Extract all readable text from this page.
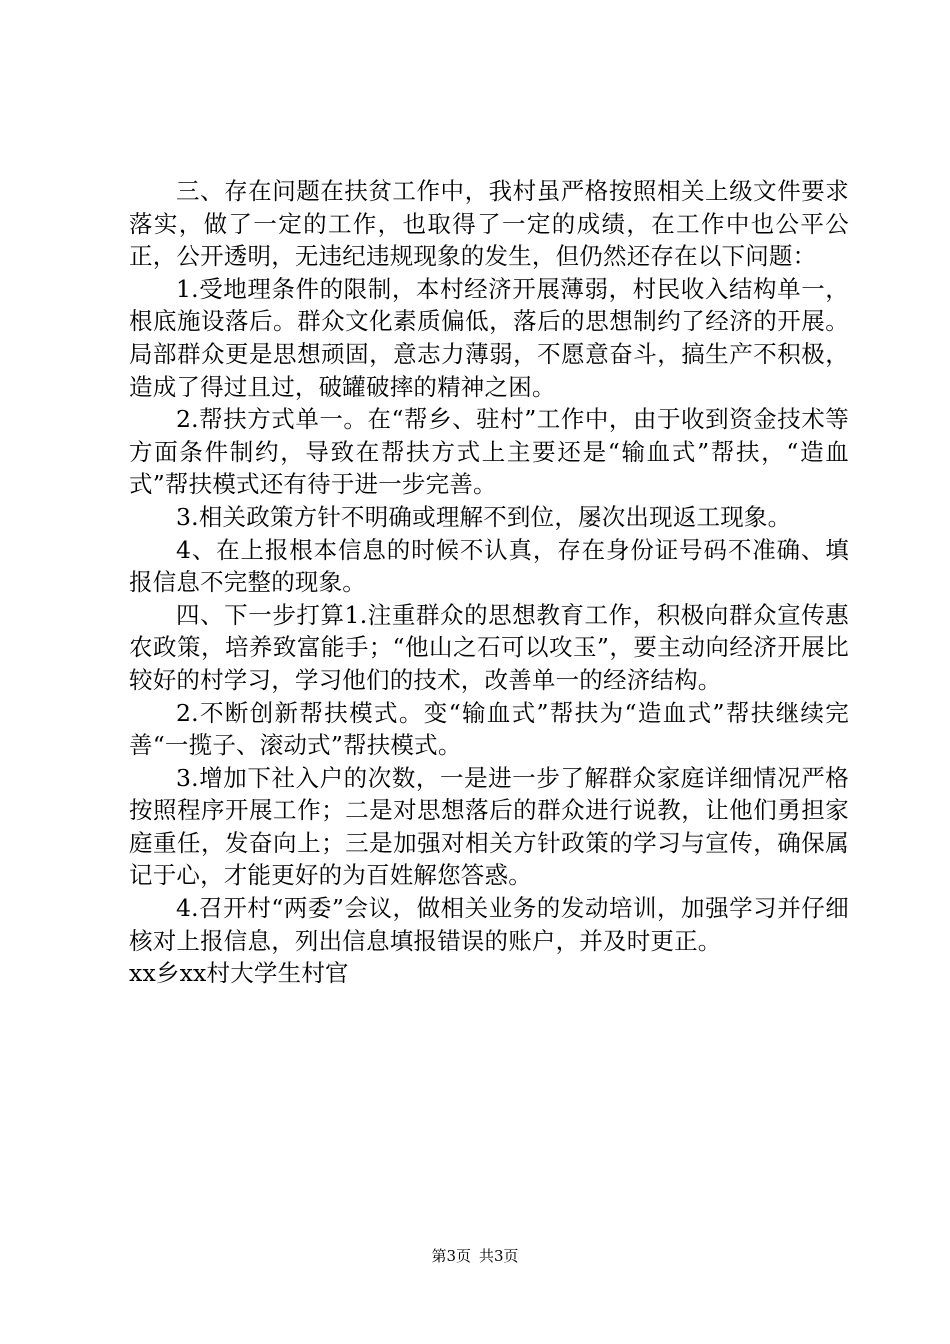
三、存在问题在扶贫工作中，我村虽严格按照相关上级文件要求落实，做了一定的工作，也取得了一定的成绩，在工作中也公平公正，公开透明，无违纪违规现象的发生，但仍然还存在以下问题：

1.受地理条件的限制，本村经济开展薄弱，村民收入结构单一，根底施设落后。群众文化素质偏低，落后的思想制约了经济的开展。局部群众更是思想顽固，意志力薄弱，不愿意奋斗，搞生产不积极，造成了得过且过，破罐破摔的精神之困。

2.帮扶方式单一。在“帮乡、驻村”工作中，由于收到资金技术等方面条件制约，导致在帮扶方式上主要还是“输血式”帮扶，“造血式”帮扶模式还有待于进一步完善。

3.相关政策方针不明确或理解不到位，屡次出现返工现象。

4、在上报根本信息的时候不认真，存在身份证号码不准确、填报信息不完整的现象。

四、下一步打算1.注重群众的思想教育工作，积极向群众宣传惠农政策，培养致富能手；“他山之石可以攻玉”，要主动向经济开展比较好的村学习，学习他们的技术，改善单一的经济结构。

2.不断创新帮扶模式。变“输血式”帮扶为“造血式”帮扶继续完善“一揽子、滚动式”帮扶模式。

3.增加下社入户的次数，一是进一步了解群众家庭详细情况严格按照程序开展工作；二是对思想落后的群众进行说教，让他们勇担家庭重任，发奋向上；三是加强对相关方针政策的学习与宣传，确保属记于心，才能更好的为百姓解您答惑。

4.召开村“两委”会议，做相关业务的发动培训，加强学习并仔细核对上报信息，列出信息填报错误的账户，并及时更正。

xx乡xx村大学生村官

第3页 共3页
